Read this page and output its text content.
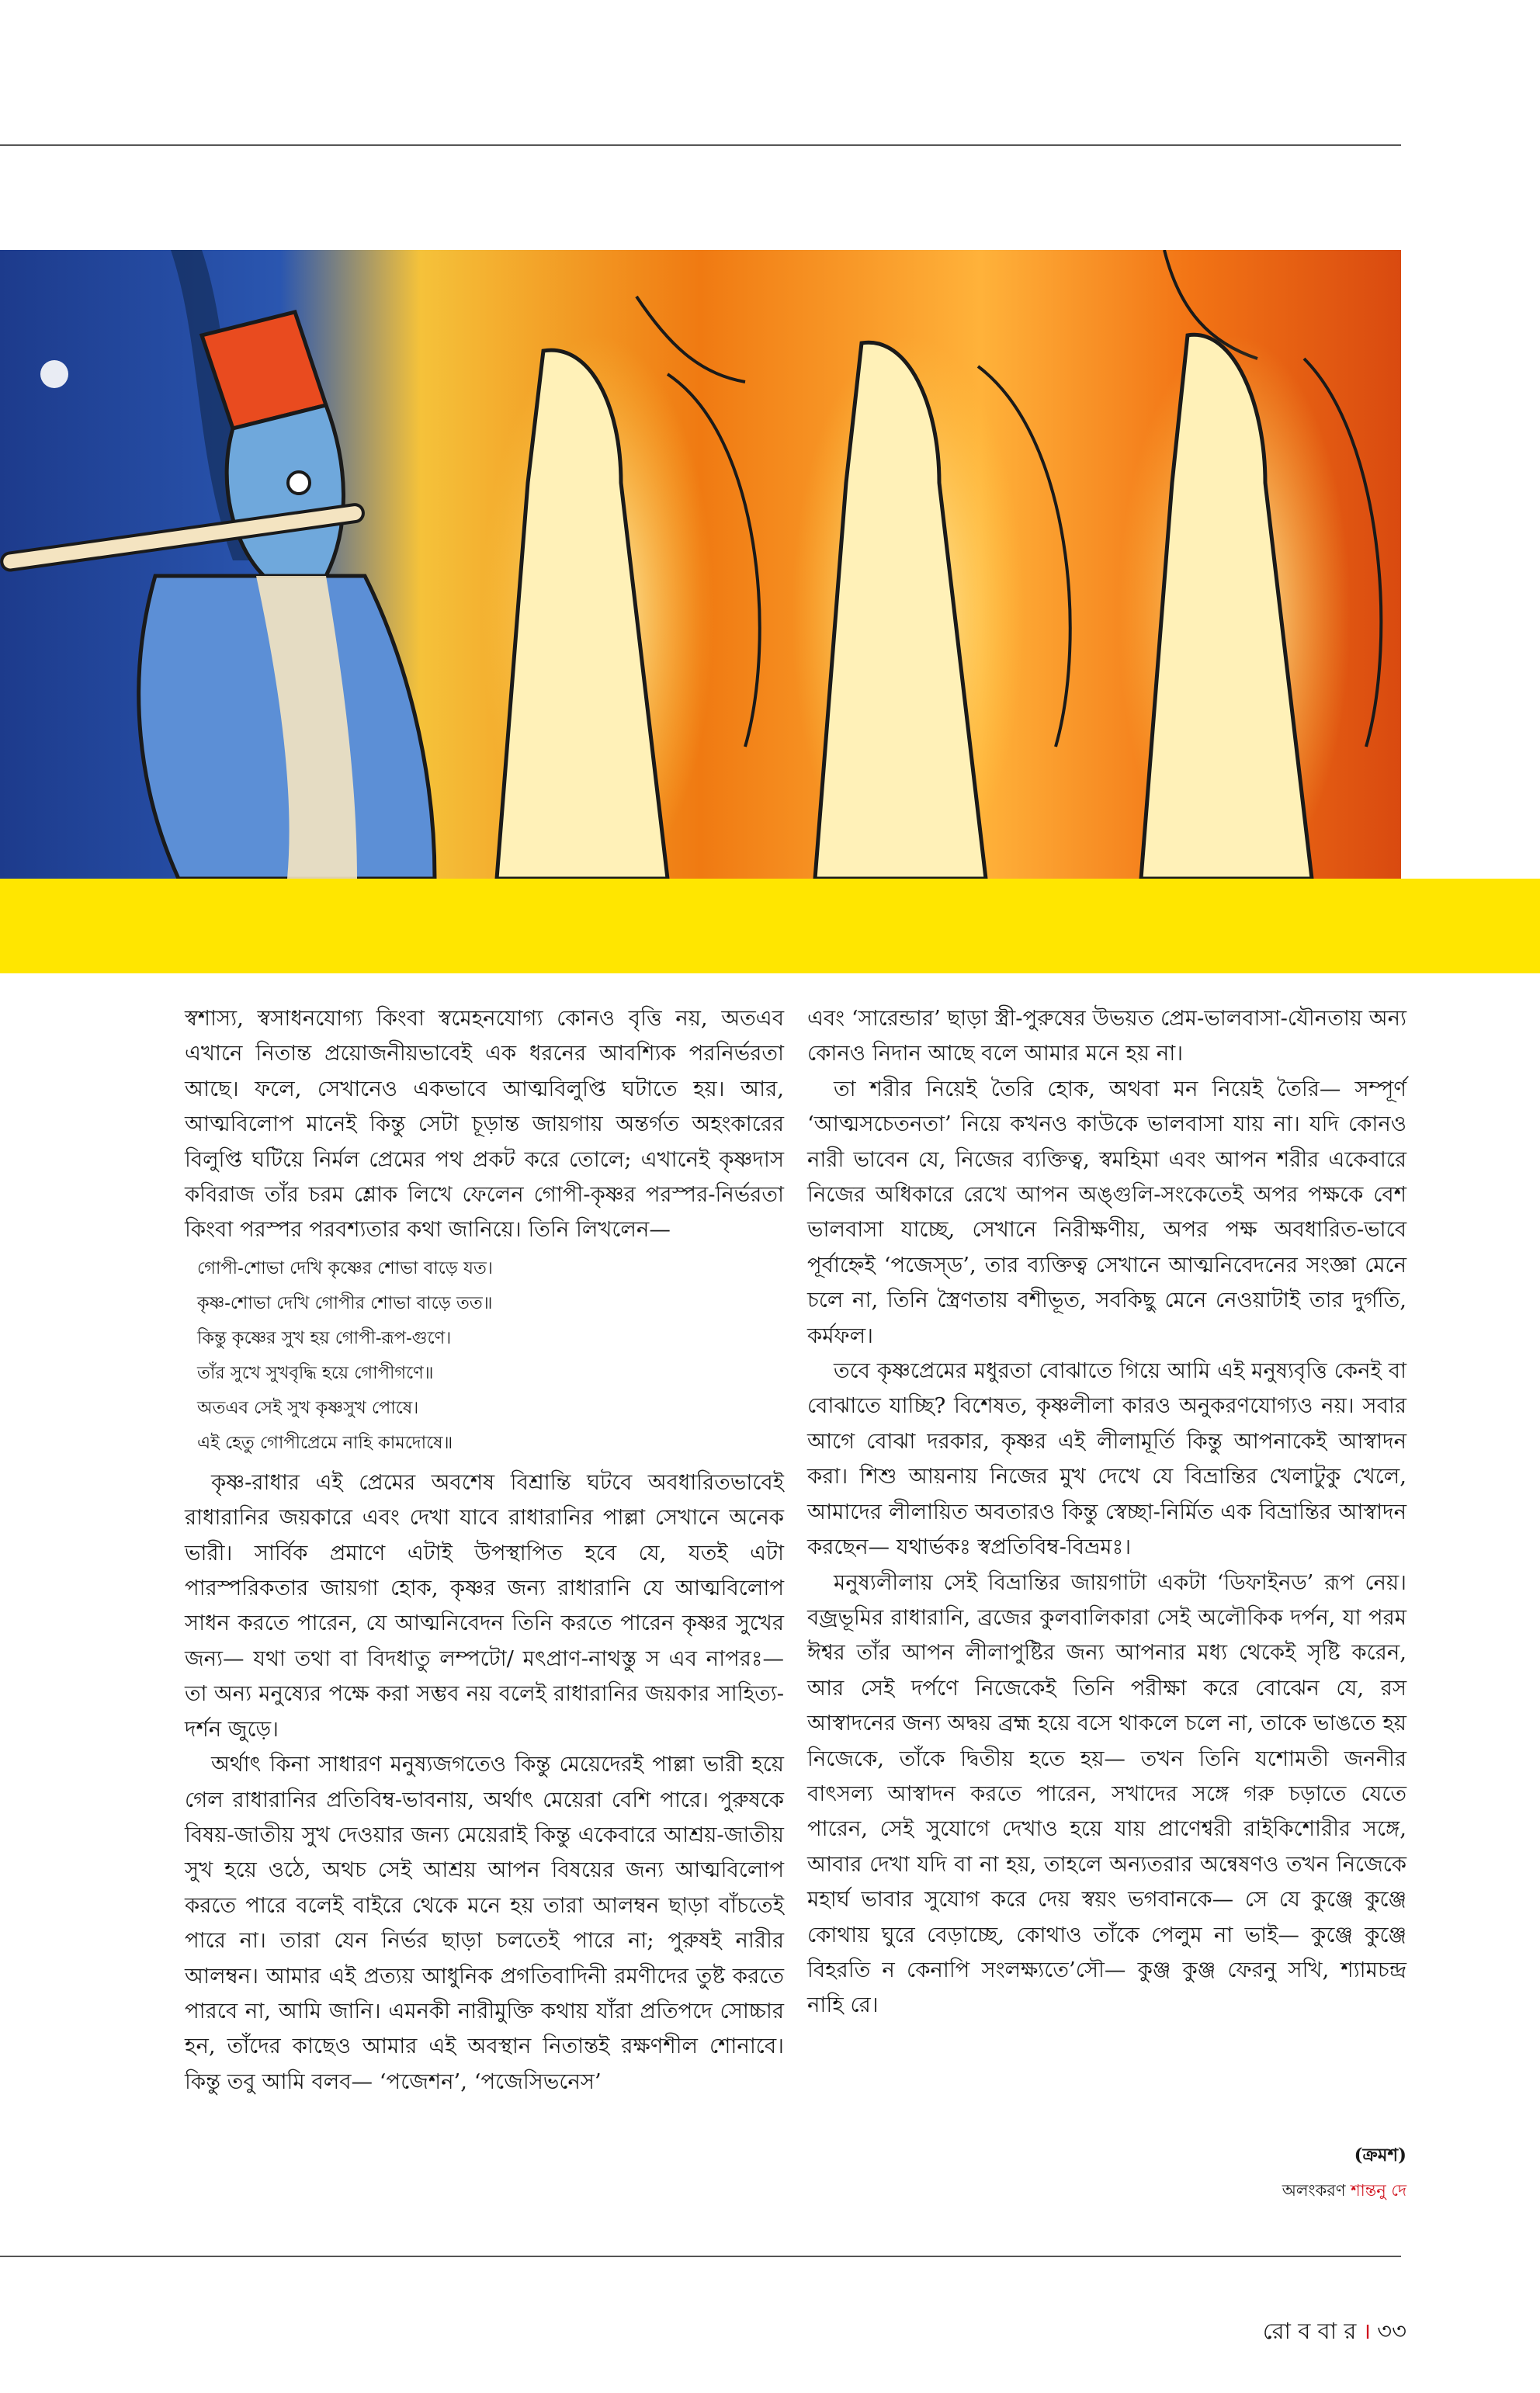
স্বশাস্য, স্বসাধনযোগ্য কিংবা স্বমেহনযোগ্য কোনও বৃত্তি নয়, অতএব এখানে নিতান্ত প্রয়োজনীয়ভাবেই এক ধরনের আবশ্যিক পরনির্ভরতা আছে। ফলে, সেখানেও একভাবে আত্মবিলুপ্তি ঘটাতে হয়। আর, আত্মবিলোপ মানেই কিন্তু সেটা চূড়ান্ত জায়গায় অন্তর্গত অহংকারের বিলুপ্তি ঘটিয়ে নির্মল প্রেমের পথ প্রকট করে তোলে; এখানেই কৃষ্ণদাস কবিরাজ তাঁর চরম শ্লোক লিখে ফেলেন গোপী-কৃষ্ণর পরস্পর-নির্ভরতা কিংবা পরস্পর পরবশ্যতার কথা জানিয়ে। তিনি লিখলেন—

গোপী-শোভা দেখি কৃষ্ণের শোভা বাড়ে যত।
কৃষ্ণ-শোভা দেখি গোপীর শোভা বাড়ে তত॥
কিন্তু কৃষ্ণের সুখ হয় গোপী-রূপ-গুণে।
তাঁর সুখে সুখবৃদ্ধি হয়ে গোপীগণে॥
অতএব সেই সুখ কৃষ্ণসুখ পোষে।
এই হেতু গোপীপ্রেমে নাহি কামদোষে॥

কৃষ্ণ-রাধার এই প্রেমের অবশেষ বিশ্রান্তি ঘটবে অবধারিতভাবেই রাধারানির জয়কারে এবং দেখা যাবে রাধারানির পাল্লা সেখানে অনেক ভারী। সার্বিক প্রমাণে এটাই উপস্থাপিত হবে যে, যতই এটা পারস্পরিকতার জায়গা হোক, কৃষ্ণর জন্য রাধারানি যে আত্মবিলোপ সাধন করতে পারেন, যে আত্মনিবেদন তিনি করতে পারেন কৃষ্ণর সুখের জন্য— যথা তথা বা বিদধাতু লম্পটো/ মৎপ্রাণ-নাথস্তু স এব নাপরঃ— তা অন্য মনুষ্যের পক্ষে করা সম্ভব নয় বলেই রাধারানির জয়কার সাহিত্য-দর্শন জুড়ে।

অর্থাৎ কিনা সাধারণ মনুষ্যজগতেও কিন্তু মেয়েদেরই পাল্লা ভারী হয়ে গেল রাধারানির প্রতিবিম্ব-ভাবনায়, অর্থাৎ মেয়েরা বেশি পারে। পুরুষকে বিষয়-জাতীয় সুখ দেওয়ার জন্য মেয়েরাই কিন্তু একেবারে আশ্রয়-জাতীয় সুখ হয়ে ওঠে, অথচ সেই আশ্রয় আপন বিষয়ের জন্য আত্মবিলোপ করতে পারে বলেই বাইরে থেকে মনে হয় তারা আলম্বন ছাড়া বাঁচতেই পারে না। তারা যেন নির্ভর ছাড়া চলতেই পারে না; পুরুষই নারীর আলম্বন। আমার এই প্রত্যয় আধুনিক প্রগতিবাদিনী রমণীদের তুষ্ট করতে পারবে না, আমি জানি। এমনকী নারীমুক্তি কথায় যাঁরা প্রতিপদে সোচ্চার হন, তাঁদের কাছেও আমার এই অবস্থান নিতান্তই রক্ষণশীল শোনাবে। কিন্তু তবু আমি বলব— ‘পজেশন’, ‘পজেসিভনেস’

এবং ‘সারেন্ডার’ ছাড়া স্ত্রী-পুরুষের উভয়ত প্রেম-ভালবাসা-যৌনতায় অন্য কোনও নিদান আছে বলে আমার মনে হয় না।

তা শরীর নিয়েই তৈরি হোক, অথবা মন নিয়েই তৈরি— সম্পূর্ণ ‘আত্মসচেতনতা’ নিয়ে কখনও কাউকে ভালবাসা যায় না। যদি কোনও নারী ভাবেন যে, নিজের ব্যক্তিত্ব, স্বমহিমা এবং আপন শরীর একেবারে নিজের অধিকারে রেখে আপন অঙ্গুলি-সংকেতেই অপর পক্ষকে বেশ ভালবাসা যাচ্ছে, সেখানে নিরীক্ষণীয়, অপর পক্ষ অবধারিত-ভাবে পূর্বাহ্নেই ‘পজেস্ড’, তার ব্যক্তিত্ব সেখানে আত্মনিবেদনের সংজ্ঞা মেনে চলে না, তিনি স্ত্রৈণতায় বশীভূত, সবকিছু মেনে নেওয়াটাই তার দুর্গতি, কর্মফল।

তবে কৃষ্ণপ্রেমের মধুরতা বোঝাতে গিয়ে আমি এই মনুষ্যবৃত্তি কেনই বা বোঝাতে যাচ্ছি? বিশেষত, কৃষ্ণলীলা কারও অনুকরণযোগ্যও নয়। সবার আগে বোঝা দরকার, কৃষ্ণর এই লীলামূর্তি কিন্তু আপনাকেই আস্বাদন করা। শিশু আয়নায় নিজের মুখ দেখে যে বিভ্রান্তির খেলাটুকু খেলে, আমাদের লীলায়িত অবতারও কিন্তু স্বেচ্ছা-নির্মিত এক বিভ্রান্তির আস্বাদন করছেন— যথার্ভকঃ স্বপ্রতিবিম্ব-বিভ্রমঃ।

মনুষ্যলীলায় সেই বিভ্রান্তির জায়গাটা একটা ‘ডিফাইনড’ রূপ নেয়। বজ্রভূমির রাধারানি, ব্রজের কুলবালিকারা সেই অলৌকিক দর্পন, যা পরম ঈশ্বর তাঁর আপন লীলাপুষ্টির জন্য আপনার মধ্য থেকেই সৃষ্টি করেন, আর সেই দর্পণে নিজেকেই তিনি পরীক্ষা করে বোঝেন যে, রস আস্বাদনের জন্য অদ্বয় ব্রহ্ম হয়ে বসে থাকলে চলে না, তাকে ভাঙতে হয় নিজেকে, তাঁকে দ্বিতীয় হতে হয়— তখন তিনি যশোমতী জননীর বাৎসল্য আস্বাদন করতে পারেন, সখাদের সঙ্গে গরু চড়াতে যেতে পারেন, সেই সুযোগে দেখাও হয়ে যায় প্রাণেশ্বরী রাইকিশোরীর সঙ্গে, আবার দেখা যদি বা না হয়, তাহলে অন্যতরার অন্বেষণও তখন নিজেকে মহার্ঘ ভাবার সুযোগ করে দেয় স্বয়ং ভগবানকে— সে যে কুঞ্জে কুঞ্জে কোথায় ঘুরে বেড়াচ্ছে, কোথাও তাঁকে পেলুম না ভাই— কুঞ্জে কুঞ্জে বিহরতি ন কেনাপি সংলক্ষ্যতে’সৌ— কুঞ্জ কুঞ্জ ফেরনু সখি, শ্যামচন্দ্র নাহি রে।

(ক্রমশ)
অলংকরণ শান্তনু দে
রো ব বা র । ৩৩
